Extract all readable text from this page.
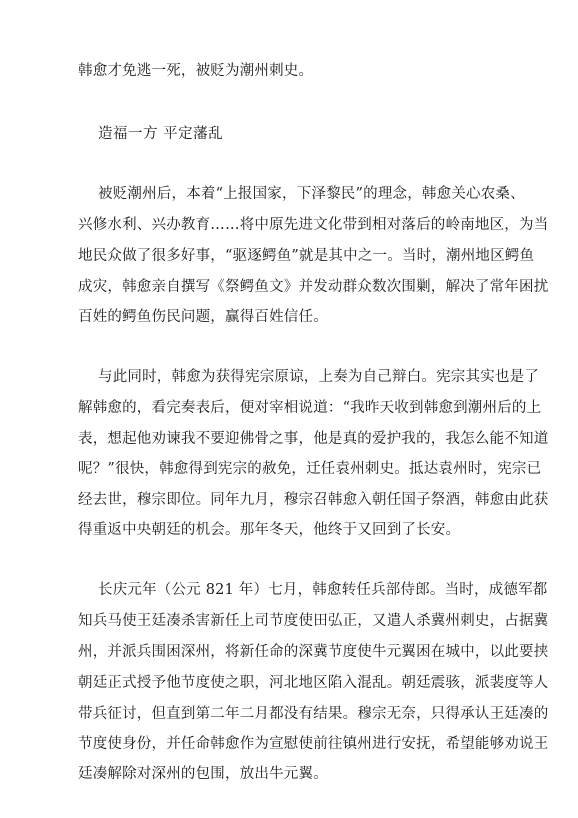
韩愈才免逃一死，被贬为潮州刺史。
造福一方 平定藩乱
被贬潮州后，本着“上报国家，下泽黎民”的理念，韩愈关心农桑、
兴修水利、兴办教育……将中原先进文化带到相对落后的岭南地区，为当
地民众做了很多好事，“驱逐鳄鱼”就是其中之一。当时，潮州地区鳄鱼
成灾，韩愈亲自撰写《祭鳄鱼文》并发动群众数次围剿，解决了常年困扰
百姓的鳄鱼伤民问题，赢得百姓信任。
与此同时，韩愈为获得宪宗原谅，上奏为自己辩白。宪宗其实也是了
解韩愈的，看完奏表后，便对宰相说道：“我昨天收到韩愈到潮州后的上
表，想起他劝谏我不要迎佛骨之事，他是真的爱护我的，我怎么能不知道
呢？”很快，韩愈得到宪宗的赦免，迁任袁州刺史。抵达袁州时，宪宗已
经去世，穆宗即位。同年九月，穆宗召韩愈入朝任国子祭酒，韩愈由此获
得重返中央朝廷的机会。那年冬天，他终于又回到了长安。
长庆元年（公元 821 年）七月，韩愈转任兵部侍郎。当时，成德军都
知兵马使王廷凑杀害新任上司节度使田弘正，又遣人杀冀州刺史，占据冀
州，并派兵围困深州，将新任命的深冀节度使牛元翼困在城中，以此要挟
朝廷正式授予他节度使之职，河北地区陷入混乱。朝廷震骇，派裴度等人
带兵征讨，但直到第二年二月都没有结果。穆宗无奈，只得承认王廷凑的
节度使身份，并任命韩愈作为宣慰使前往镇州进行安抚，希望能够劝说王
廷凑解除对深州的包围，放出牛元翼。
